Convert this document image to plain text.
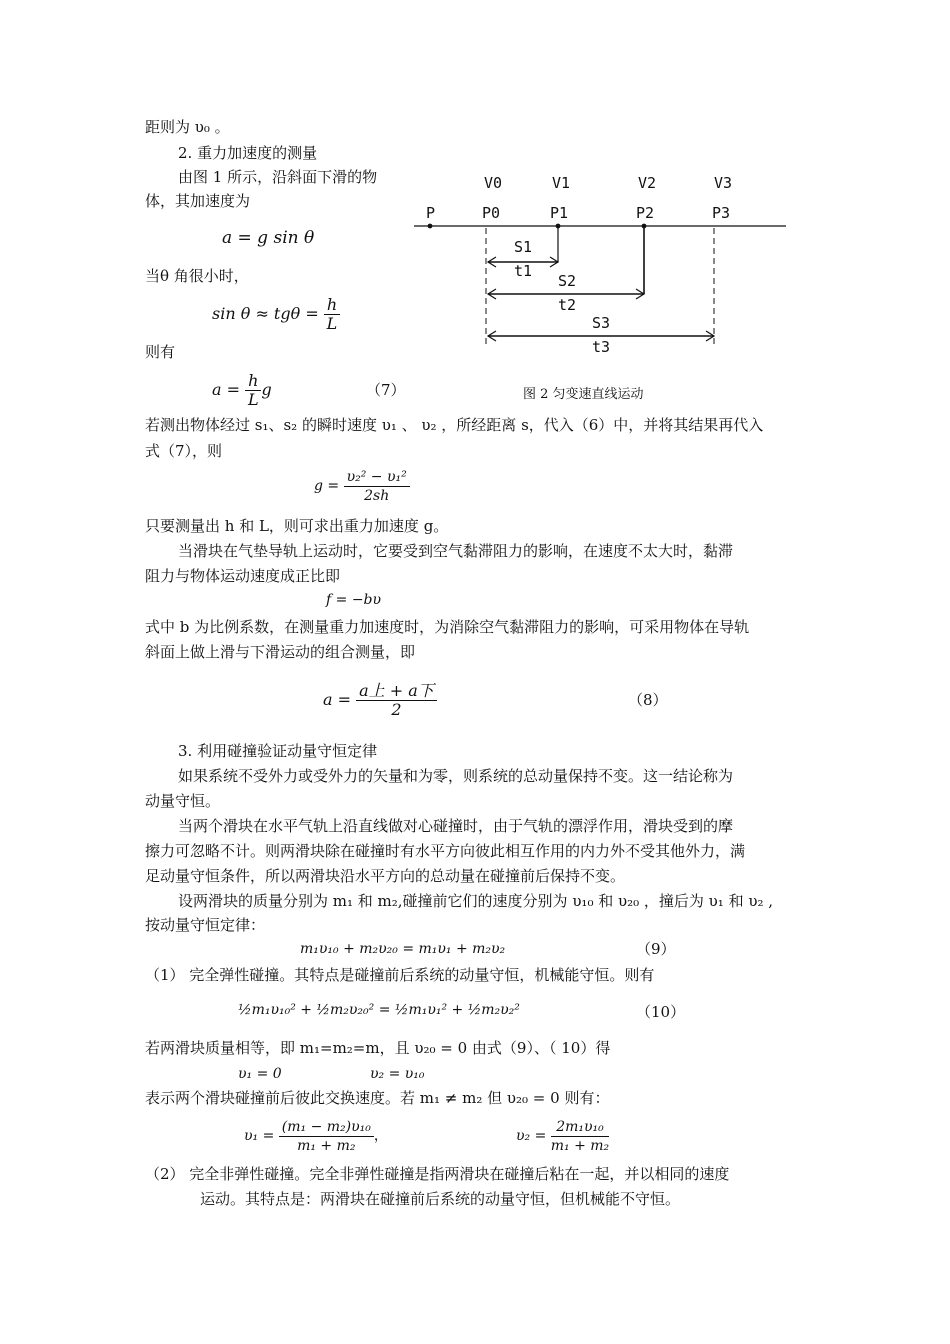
距则为 υ₀ 。
2. 重力加速度的测量
由图 1 所示，沿斜面下滑的物
体，其加速度为
a = g sin θ
当θ 角很小时，
$\sin \theta \approx tg\theta = \frac{h}{L}$
则有
$a = \frac{h}{L}$ g	（7）
若测出物体经过 s₁、s₂ 的瞬时速度 υ₁ 、 υ₂ ，所经距离 s，代入（6）中，并将其结果再代入
式（7），则
$g = \frac{\text{υ₂² − υ₁²}}{2sh}$
只要测量出 h 和 L，则可求出重力加速度 g。
当滑块在气垫导轨上运动时，它要受到空气黏滞阻力的影响，在速度不太大时，黏滞
阻力与物体运动速度成正比即
f = −bυ
式中 b 为比例系数，在测量重力加速度时，为消除空气黏滞阻力的影响，可采用物体在导轨
斜面上做上滑与下滑运动的组合测量，即
$a = \frac{\text{a上 + a下}}{2}$	（8）
3. 利用碰撞验证动量守恒定律
如果系统不受外力或受外力的矢量和为零，则系统的总动量保持不变。这一结论称为
动量守恒。
当两个滑块在水平气轨上沿直线做对心碰撞时，由于气轨的漂浮作用，滑块受到的摩
擦力可忽略不计。则两滑块除在碰撞时有水平方向彼此相互作用的内力外不受其他外力，满
足动量守恒条件，所以两滑块沿水平方向的总动量在碰撞前后保持不变。
设两滑块的质量分别为 m₁ 和 m₂,碰撞前它们的速度分别为 υ₁₀ 和 υ₂₀ ，撞后为 υ₁ 和 υ₂ ,
按动量守恒定律：
m₁υ₁₀ + m₂υ₂₀ = m₁υ₁ + m₂υ₂	（9）
（1） 完全弹性碰撞。其特点是碰撞前后系统的动量守恒，机械能守恒。则有
½m₁υ₁₀² + ½m₂υ₂₀² = ½m₁υ₁² + ½m₂υ₂²	（10）
若两滑块质量相等，即 m₁=m₂=m，且 υ₂₀ = 0 由式（9）、（ 10）得
υ₁ = 0	υ₂ = υ₁₀
表示两个滑块碰撞前后彼此交换速度。若 m₁ ≠ m₂ 但 υ₂₀ = 0 则有：
$\upsilon_1 = \frac{\text{(m₁ − m₂)υ₁₀}}{\text{m₁ + m₂}}$ ，	$\upsilon_2 = \frac{\text{2m₁υ₁₀}}{\text{m₁ + m₂}}$
（2） 完全非弹性碰撞。完全非弹性碰撞是指两滑块在碰撞后粘在一起，并以相同的速度
运动。其特点是：两滑块在碰撞前后系统的动量守恒，但机械能不守恒。
V0	V1	V2	V3
P	P0	P1	P2	P3
S1
t1
S2
t2
S3
t3
图 2 匀变速直线运动
